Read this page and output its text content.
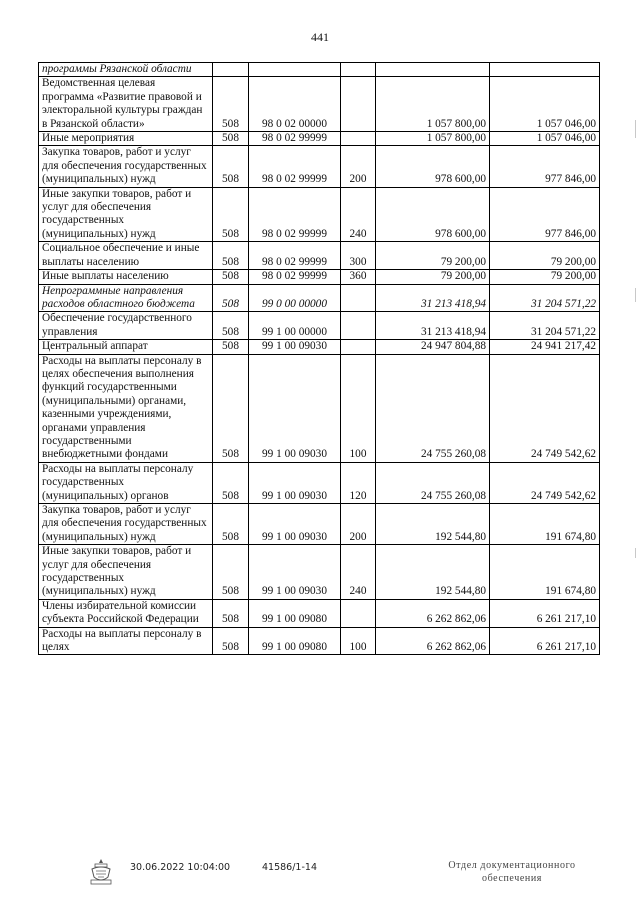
441
программы Рязанской области					
Ведомственная целевая программа «Развитие правовой и электоральной культуры граждан в Рязанской области»	508	98 0 02 00000		1 057 800,00	1 057 046,00
Иные мероприятия	508	98 0 02 99999		1 057 800,00	1 057 046,00
Закупка товаров, работ и услуг для обеспечения государственных (муниципальных) нужд	508	98 0 02 99999	200	978 600,00	977 846,00
Иные закупки товаров, работ и услуг для обеспечения государственных (муниципальных) нужд	508	98 0 02 99999	240	978 600,00	977 846,00
Социальное обеспечение и иные выплаты населению	508	98 0 02 99999	300	79 200,00	79 200,00
Иные выплаты населению	508	98 0 02 99999	360	79 200,00	79 200,00
Непрограммные направления расходов областного бюджета	508	99 0 00 00000		31 213 418,94	31 204 571,22
Обеспечение государственного управления	508	99 1 00 00000		31 213 418,94	31 204 571,22
Центральный аппарат	508	99 1 00 09030		24 947 804,88	24 941 217,42
Расходы на выплаты персоналу в целях обеспечения выполнения функций государственными (муниципальными) органами, казенными учреждениями, органами управления государственными внебюджетными фондами	508	99 1 00 09030	100	24 755 260,08	24 749 542,62
Расходы на выплаты персоналу государственных (муниципальных) органов	508	99 1 00 09030	120	24 755 260,08	24 749 542,62
Закупка товаров, работ и услуг для обеспечения государственных (муниципальных) нужд	508	99 1 00 09030	200	192 544,80	191 674,80
Иные закупки товаров, работ и услуг для обеспечения государственных (муниципальных) нужд	508	99 1 00 09030	240	192 544,80	191 674,80
Члены избирательной комиссии субъекта Российской Федерации	508	99 1 00 09080		6 262 862,06	6 261 217,10
Расходы на выплаты персоналу в целях	508	99 1 00 09080	100	6 262 862,06	6 261 217,10
30.06.2022 10:04:00	41586/1-14	Отдел документационного обеспечения
